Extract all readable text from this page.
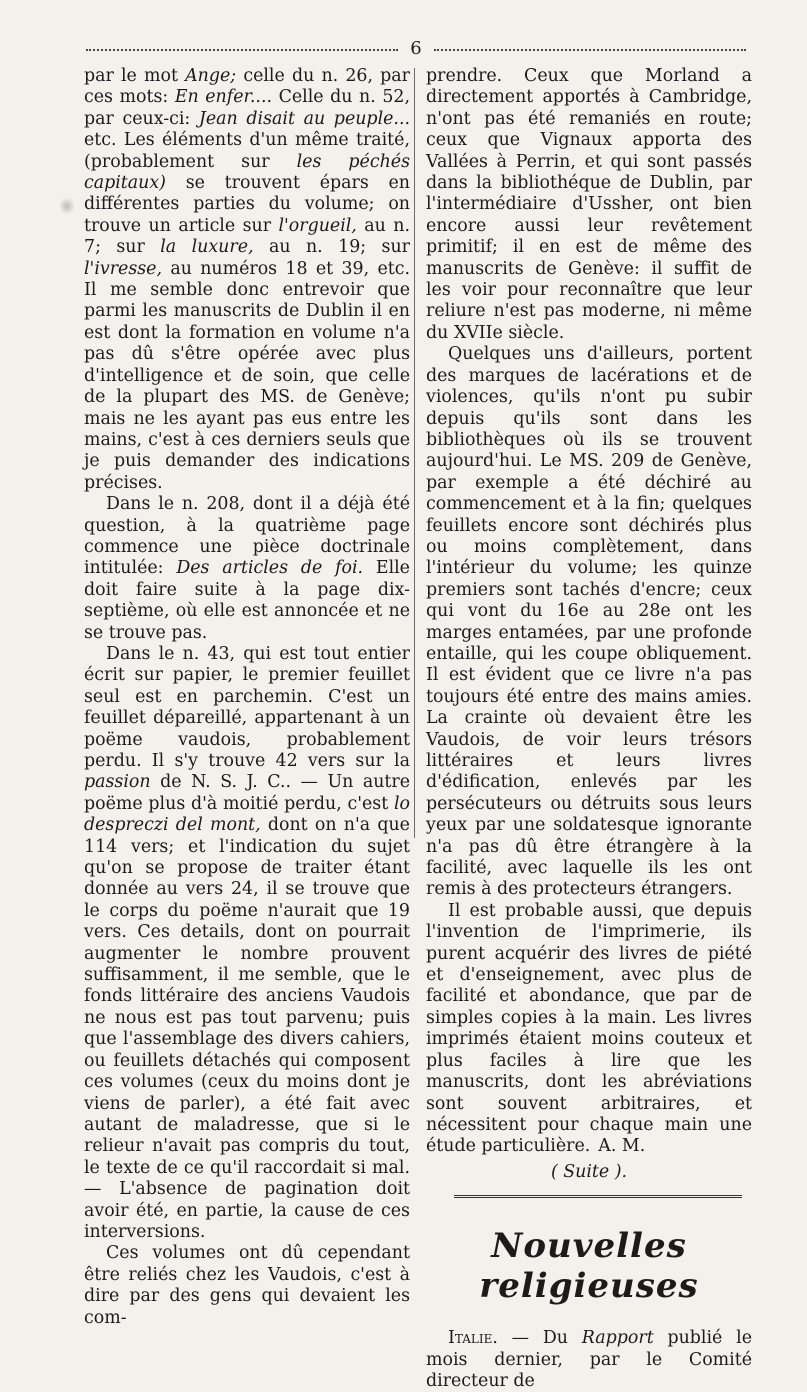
6

par le mot Ange; celle du n. 26, par ces mots: En enfer.... Celle du n. 52, par ceux-ci: Jean disait au peuple... etc. Les éléments d'un même traité, (probablement sur les péchés capitaux) se trouvent épars en différentes parties du volume; on trouve un article sur l'orgueil, au n. 7; sur la luxure, au n. 19; sur l'ivresse, au numéros 18 et 39, etc. Il me semble donc entrevoir que parmi les manuscrits de Dublin il en est dont la formation en volume n'a pas dû s'être opérée avec plus d'intelligence et de soin, que celle de la plupart des MS. de Genève; mais ne les ayant pas eus entre les mains, c'est à ces derniers seuls que je puis demander des indications précises.

Dans le n. 208, dont il a déjà été question, à la quatrième page commence une pièce doctrinale intitulée: Des articles de foi. Elle doit faire suite à la page dix-septième, où elle est annoncée et ne se trouve pas.

Dans le n. 43, qui est tout entier écrit sur papier, le premier feuillet seul est en parchemin. C'est un feuillet dépareillé, appartenant à un poëme vaudois, probablement perdu. Il s'y trouve 42 vers sur la passion de N. S. J. C.. — Un autre poëme plus d'à moitié perdu, c'est lo despreczi del mont, dont on n'a que 114 vers; et l'indication du sujet qu'on se propose de traiter étant donnée au vers 24, il se trouve que le corps du poëme n'aurait que 19 vers. Ces details, dont on pourrait augmenter le nombre prouvent suffisamment, il me semble, que le fonds littéraire des anciens Vaudois ne nous est pas tout parvenu; puis que l'assemblage des divers cahiers, ou feuillets détachés qui composent ces volumes (ceux du moins dont je viens de parler), a été fait avec autant de maladresse, que si le relieur n'avait pas compris du tout, le texte de ce qu'il raccordait si mal. — L'absence de pagination doit avoir été, en partie, la cause de ces interversions.

Ces volumes ont dû cependant être reliés chez les Vaudois, c'est à dire par des gens qui devaient les com-

prendre. Ceux que Morland a directement apportés à Cambridge, n'ont pas été remaniés en route; ceux que Vignaux apporta des Vallées à Perrin, et qui sont passés dans la bibliothéque de Dublin, par l'intermédiaire d'Ussher, ont bien encore aussi leur revêtement primitif; il en est de même des manuscrits de Genève: il suffit de les voir pour reconnaître que leur reliure n'est pas moderne, ni même du XVIIe siècle.

Quelques uns d'ailleurs, portent des marques de lacérations et de violences, qu'ils n'ont pu subir depuis qu'ils sont dans les bibliothèques où ils se trouvent aujourd'hui. Le MS. 209 de Genève, par exemple a été déchiré au commencement et à la fin; quelques feuillets encore sont déchirés plus ou moins complètement, dans l'intérieur du volume; les quinze premiers sont tachés d'encre; ceux qui vont du 16e au 28e ont les marges entamées, par une profonde entaille, qui les coupe obliquement. Il est évident que ce livre n'a pas toujours été entre des mains amies. La crainte où devaient être les Vaudois, de voir leurs trésors littéraires et leurs livres d'édification, enlevés par les persécuteurs ou détruits sous leurs yeux par une soldatesque ignorante n'a pas dû être étrangère à la facilité, avec laquelle ils les ont remis à des protecteurs étrangers.

Il est probable aussi, que depuis l'invention de l'imprimerie, ils purent acquérir des livres de piété et d'enseignement, avec plus de facilité et abondance, que par de simples copies à la main. Les livres imprimés étaient moins couteux et plus faciles à lire que les manuscrits, dont les abréviations sont souvent arbitraires, et nécessitent pour chaque main une étude particulière. A. M.

( Suite ).
Nouvelles religieuses

Italie. — Du Rapport publié le mois dernier, par le Comité directeur de
